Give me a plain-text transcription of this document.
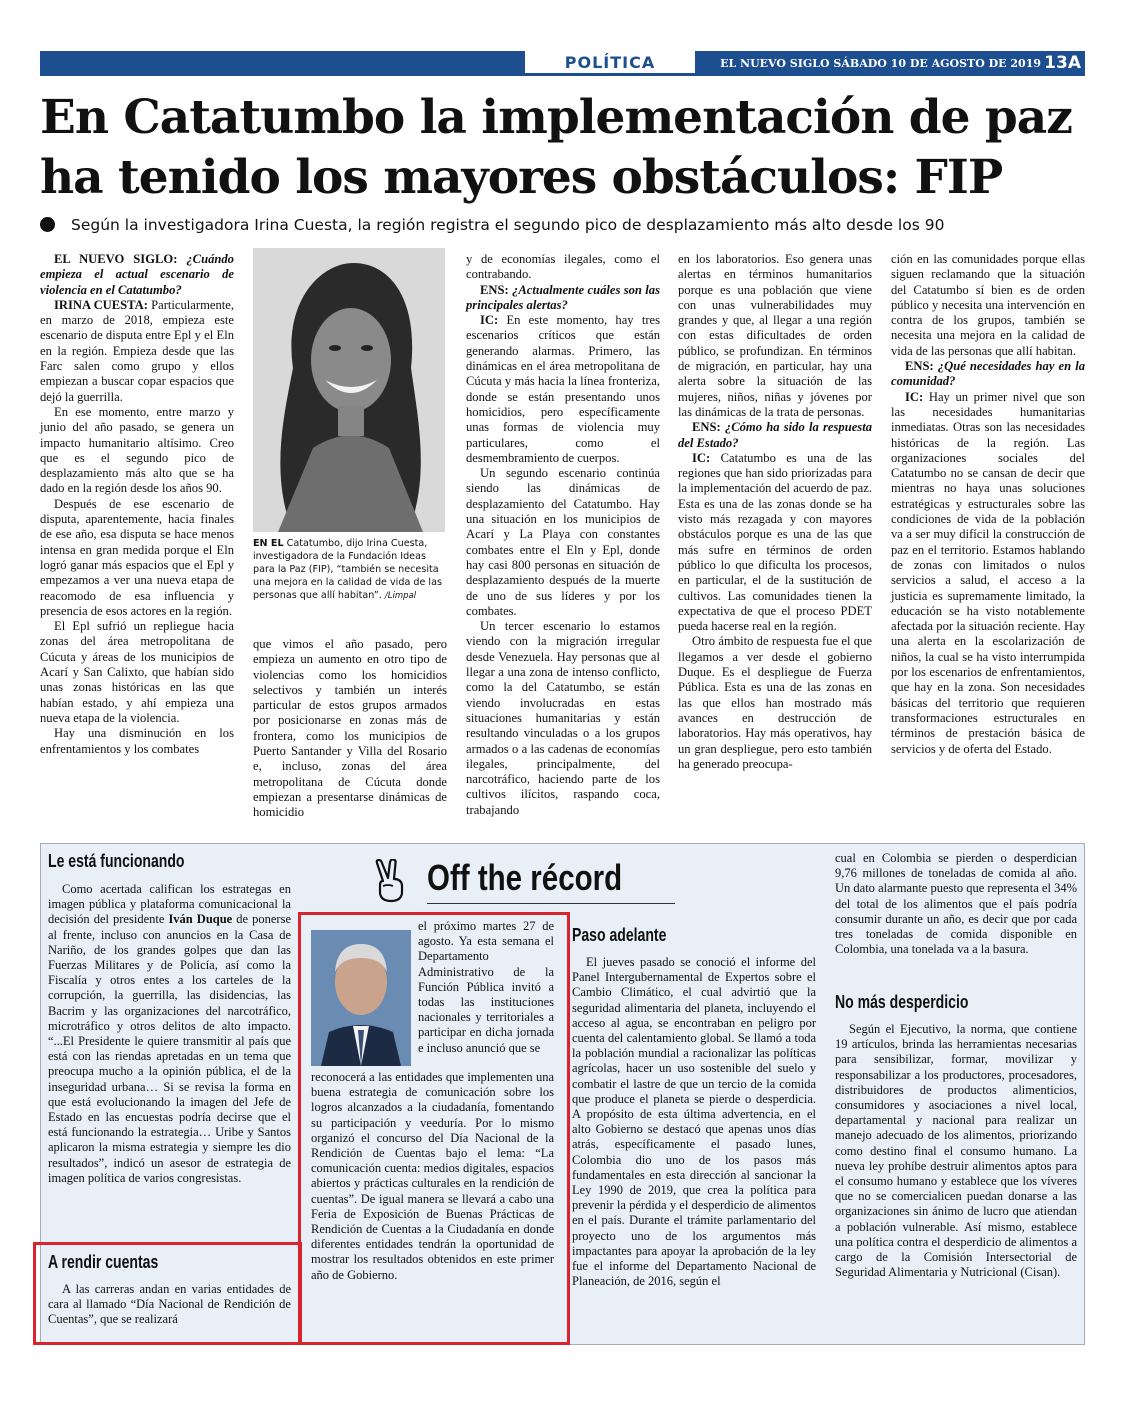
POLÍTICA	EL NUEVO SIGLO SÁBADO 10 DE AGOSTO DE 2019 13A
En Catatumbo la implementación de paz
ha tenido los mayores obstáculos: FIP
Según la investigadora Irina Cuesta, la región registra el segundo pico de desplazamiento más alto desde los 90

EL NUEVO SIGLO: ¿Cuándo empieza el actual escenario de violencia en el Catatumbo?

IRINA CUESTA: Particularmente, en marzo de 2018, empieza este escenario de disputa entre Epl y el Eln en la región. Empieza desde que las Farc salen como grupo y ellos empiezan a buscar copar espacios que dejó la guerrilla.

En ese momento, entre marzo y junio del año pasado, se genera un impacto humanitario altísimo. Creo que es el segundo pico de desplazamiento más alto que se ha dado en la región desde los años 90.

Después de ese escenario de disputa, aparentemente, hacia finales de ese año, esa disputa se hace menos intensa en gran medida porque el Eln logró ganar más espacios que el Epl y empezamos a ver una nueva etapa de reacomodo de esa influencia y presencia de esos actores en la región.

El Epl sufrió un repliegue hacia zonas del área metropolitana de Cúcuta y áreas de los municipios de Acarí y San Calixto, que habían sido unas zonas históricas en las que habían estado, y ahí empieza una nueva etapa de la violencia.

Hay una disminución en los enfrentamientos y los combates

EN EL Catatumbo, dijo Irina Cuesta, investigadora de la Fundación Ideas para la Paz (FIP), “también se necesita una mejora en la calidad de vida de las personas que allí habitan”. /Limpal

que vimos el año pasado, pero empieza un aumento en otro tipo de violencias como los homicidios selectivos y también un interés particular de estos grupos armados por posicionarse en zonas más de frontera, como los municipios de Puerto Santander y Villa del Rosario e, incluso, zonas del área metropolitana de Cúcuta donde empiezan a presentarse dinámicas de homicidio

y de economías ilegales, como el contrabando.

ENS: ¿Actualmente cuáles son las principales alertas?

IC: En este momento, hay tres escenarios críticos que están generando alarmas. Primero, las dinámicas en el área metropolitana de Cúcuta y más hacia la línea fronteriza, donde se están presentando unos homicidios, pero específicamente unas formas de violencia muy particulares, como el desmembramiento de cuerpos.

Un segundo escenario continúa siendo las dinámicas de desplazamiento del Catatumbo. Hay una situación en los municipios de Acarí y La Playa con constantes combates entre el Eln y Epl, donde hay casi 800 personas en situación de desplazamiento después de la muerte de uno de sus líderes y por los combates.

Un tercer escenario lo estamos viendo con la migración irregular desde Venezuela. Hay personas que al llegar a una zona de intenso conflicto, como la del Catatumbo, se están viendo involucradas en estas situaciones humanitarias y están resultando vinculadas o a los grupos armados o a las cadenas de economías ilegales, principalmente, del narcotráfico, haciendo parte de los cultivos ilícitos, raspando coca, trabajando

en los laboratorios. Eso genera unas alertas en términos humanitarios porque es una población que viene con unas vulnerabilidades muy grandes y que, al llegar a una región con estas dificultades de orden público, se profundizan. En términos de migración, en particular, hay una alerta sobre la situación de las mujeres, niños, niñas y jóvenes por las dinámicas de la trata de personas.

ENS: ¿Cómo ha sido la respuesta del Estado?

IC: Catatumbo es una de las regiones que han sido priorizadas para la implementación del acuerdo de paz. Esta es una de las zonas donde se ha visto más rezagada y con mayores obstáculos porque es una de las que más sufre en términos de orden público lo que dificulta los procesos, en particular, el de la sustitución de cultivos. Las comunidades tienen la expectativa de que el proceso PDET pueda hacerse real en la región.

Otro ámbito de respuesta fue el que llegamos a ver desde el gobierno Duque. Es el despliegue de Fuerza Pública. Esta es una de las zonas en las que ellos han mostrado más avances en destrucción de laboratorios. Hay más operativos, hay un gran despliegue, pero esto también ha generado preocupa-

ción en las comunidades porque ellas siguen reclamando que la situación del Catatumbo sí bien es de orden público y necesita una intervención en contra de los grupos, también se necesita una mejora en la calidad de vida de las personas que allí habitan.

ENS: ¿Qué necesidades hay en la comunidad?

IC: Hay un primer nivel que son las necesidades humanitarias inmediatas. Otras son las necesidades históricas de la región. Las organizaciones sociales del Catatumbo no se cansan de decir que mientras no haya unas soluciones estratégicas y estructurales sobre las condiciones de vida de la población va a ser muy difícil la construcción de paz en el territorio. Estamos hablando de zonas con limitados o nulos servicios a salud, el acceso a la justicia es supremamente limitado, la educación se ha visto notablemente afectada por la situación reciente. Hay una alerta en la escolarización de niños, la cual se ha visto interrumpida por los escenarios de enfrentamientos, que hay en la zona. Son necesidades básicas del territorio que requieren transformaciones estructurales en términos de prestación básica de servicios y de oferta del Estado.

Off the récord
Le está funcionando

Como acertada califican los estrategas en imagen pública y plataforma comunicacional la decisión del presidente Iván Duque de ponerse al frente, incluso con anuncios en la Casa de Nariño, de los grandes golpes que dan las Fuerzas Militares y de Policía, así como la Fiscalía y otros entes a los carteles de la corrupción, la guerrilla, las disidencias, las Bacrim y las organizaciones del narcotráfico, microtráfico y otros delitos de alto impacto. “...El Presidente le quiere transmitir al país que está con las riendas apretadas en un tema que preocupa mucho a la opinión pública, el de la inseguridad urbana… Si se revisa la forma en que está evolucionando la imagen del Jefe de Estado en las encuestas podría decirse que el está funcionando la estrategia… Uribe y Santos aplicaron la misma estrategia y siempre les dio resultados”, indicó un asesor de estrategia de imagen política de varios congresistas.

A rendir cuentas

A las carreras andan en varias entidades de cara al llamado “Día Nacional de Rendición de Cuentas”, que se realizará

el próximo martes 27 de agosto. Ya esta semana el Departamento Administrativo de la Función Pública invitó a todas las instituciones nacionales y territoriales a participar en dicha jornada e incluso anunció que se

Paso adelante

El jueves pasado se conoció el informe del Panel Intergubernamental de Expertos sobre el Cambio Climático, el cual advirtió que la seguridad alimentaria del planeta, incluyendo el acceso al agua, se encontraban en peligro por cuenta del calentamiento global. Se llamó a toda la población mundial a racionalizar las políticas agrícolas, hacer un uso sostenible del suelo y combatir el lastre de que un tercio de la comida que produce el planeta se pierde o desperdicia. A propósito de esta última advertencia, en el alto Gobierno se destacó que apenas unos días atrás, específicamente el pasado lunes, Colombia dio uno de los pasos más fundamentales en esta dirección al sancionar la Ley 1990 de 2019, que crea la política para prevenir la pérdida y el desperdicio de alimentos en el país. Durante el trámite parlamentario del proyecto uno de los argumentos más impactantes para apoyar la aprobación de la ley fue el informe del Departamento Nacional de Planeación, de 2016, según el

cual en Colombia se pierden o desperdician 9,76 millones de toneladas de comida al año. Un dato alarmante puesto que representa el 34% del total de los alimentos que el país podría consumir durante un año, es decir que por cada tres toneladas de comida disponible en Colombia, una tonelada va a la basura.

No más desperdicio

Según el Ejecutivo, la norma, que contiene 19 artículos, brinda las herramientas necesarias para sensibilizar, formar, movilizar y responsabilizar a los productores, procesadores, distribuidores de productos alimenticios, consumidores y asociaciones a nivel local, departamental y nacional para realizar un manejo adecuado de los alimentos, priorizando como destino final el consumo humano. La nueva ley prohíbe destruir alimentos aptos para el consumo humano y establece que los víveres que no se comercialicen puedan donarse a las organizaciones sin ánimo de lucro que atiendan a población vulnerable. Así mismo, establece una política contra el desperdicio de alimentos a cargo de la Comisión Intersectorial de Seguridad Alimentaria y Nutricional (Cisan).

reconocerá a las entidades que implementen una buena estrategia de comunicación sobre los logros alcanzados a la ciudadanía, fomentando su participación y veeduría. Por lo mismo organizó el concurso del Día Nacional de la Rendición de Cuentas bajo el lema: “La comunicación cuenta: medios digitales, espacios abiertos y prácticas culturales en la rendición de cuentas”. De igual manera se llevará a cabo una Feria de Exposición de Buenas Prácticas de Rendición de Cuentas a la Ciudadanía en donde diferentes entidades tendrán la oportunidad de mostrar los resultados obtenidos en este primer año de Gobierno.
